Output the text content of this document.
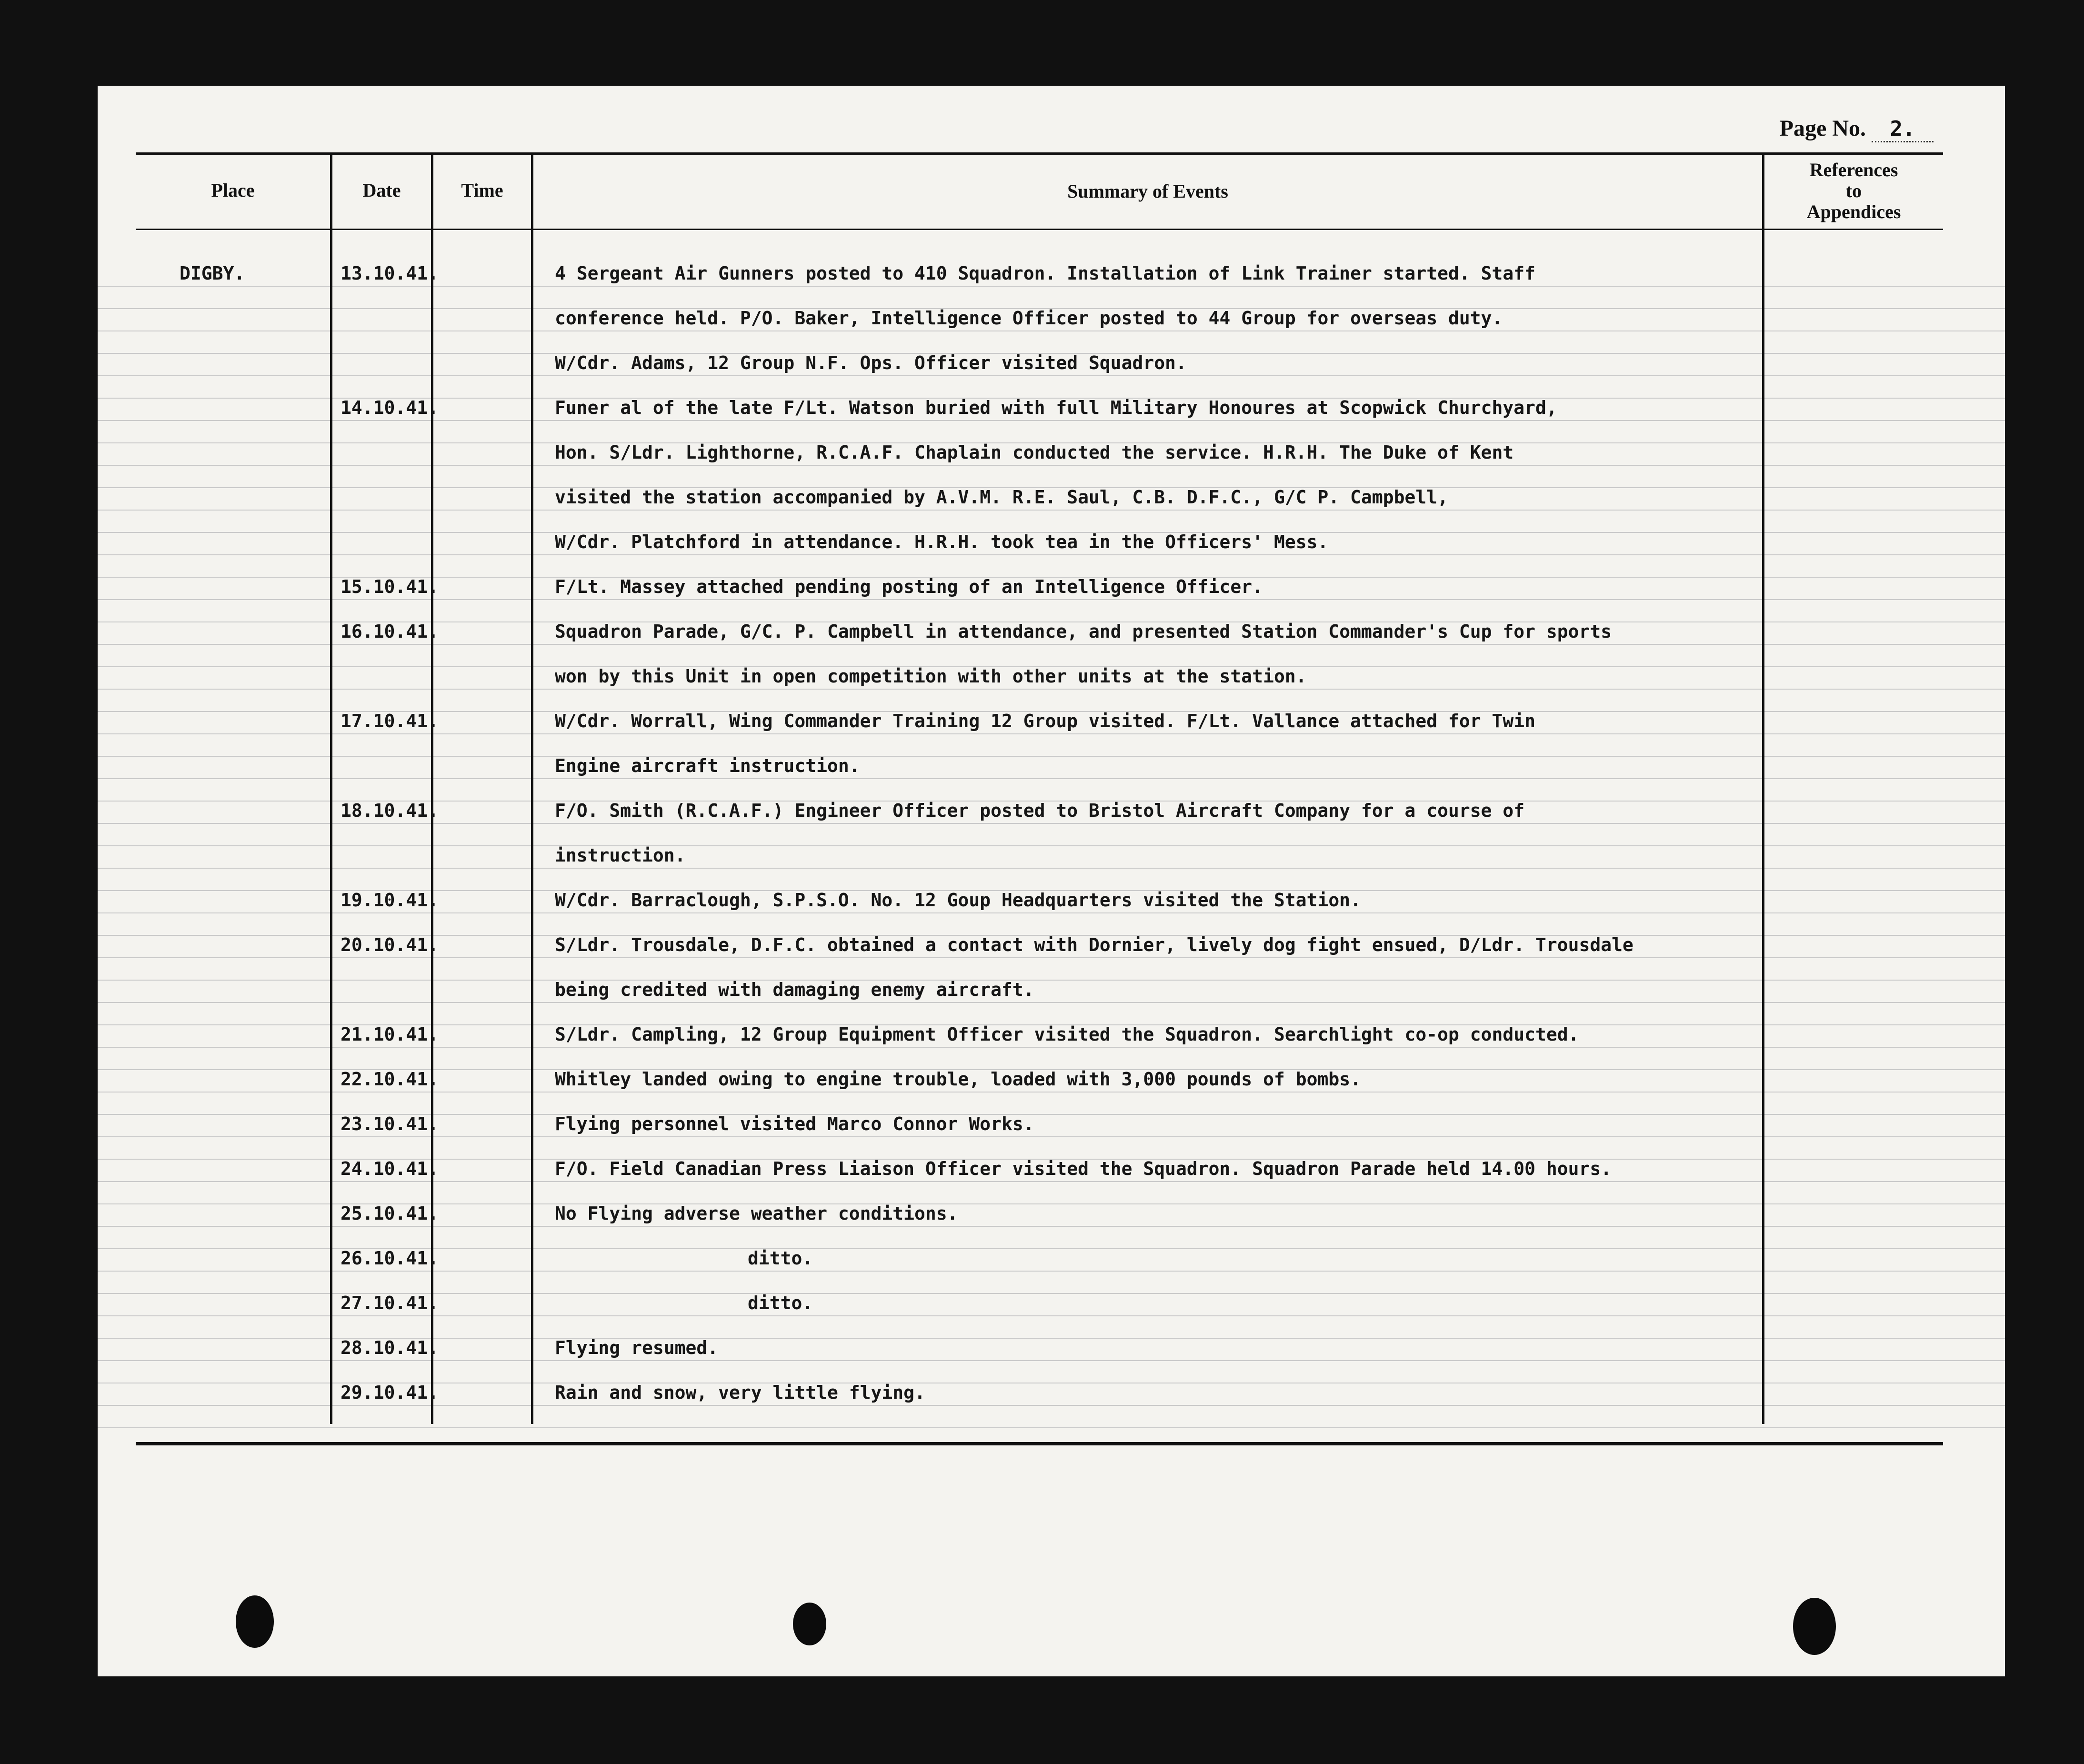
Page No. 2.
Place	Date	Time	Summary of Events
References
to
Appendices
DIGBY.	13.10.41.	4 Sergeant Air Gunners posted to 410 Squadron. Installation of Link Trainer started. Staff
conference held. P/O. Baker, Intelligence Officer posted to 44 Group for overseas duty.
W/Cdr. Adams, 12 Group N.F. Ops. Officer visited Squadron.
14.10.41.	Funer al of the late F/Lt. Watson buried with full Military Honoures at Scopwick Churchyard,
Hon. S/Ldr. Lighthorne, R.C.A.F. Chaplain conducted the service. H.R.H. The Duke of Kent
visited the station accompanied by A.V.M. R.E. Saul, C.B. D.F.C., G/C P. Campbell,
W/Cdr. Platchford in attendance. H.R.H. took tea in the Officers' Mess.
15.10.41.	F/Lt. Massey attached pending posting of an Intelligence Officer.
16.10.41.	Squadron Parade, G/C. P. Campbell in attendance, and presented Station Commander's Cup for sports
won by this Unit in open competition with other units at the station.
17.10.41.	W/Cdr. Worrall, Wing Commander Training 12 Group visited. F/Lt. Vallance attached for Twin
Engine aircraft instruction.
18.10.41.	F/O. Smith (R.C.A.F.) Engineer Officer posted to Bristol Aircraft Company for a course of
instruction.
19.10.41.	W/Cdr. Barraclough, S.P.S.O. No. 12 Goup Headquarters visited the Station.
20.10.41.	S/Ldr. Trousdale, D.F.C. obtained a contact with Dornier, lively dog fight ensued, D/Ldr. Trousdale
being credited with damaging enemy aircraft.
21.10.41.	S/Ldr. Campling, 12 Group Equipment Officer visited the Squadron. Searchlight co-op conducted.
22.10.41.	Whitley landed owing to engine trouble, loaded with 3,000 pounds of bombs.
23.10.41.	Flying personnel visited Marco Connor Works.
24.10.41.	F/O. Field Canadian Press Liaison Officer visited the Squadron. Squadron Parade held 14.00 hours.
25.10.41.	No Flying adverse weather conditions.
26.10.41.	ditto.
27.10.41.	ditto.
28.10.41.	Flying resumed.
29.10.41.	Rain and snow, very little flying.
